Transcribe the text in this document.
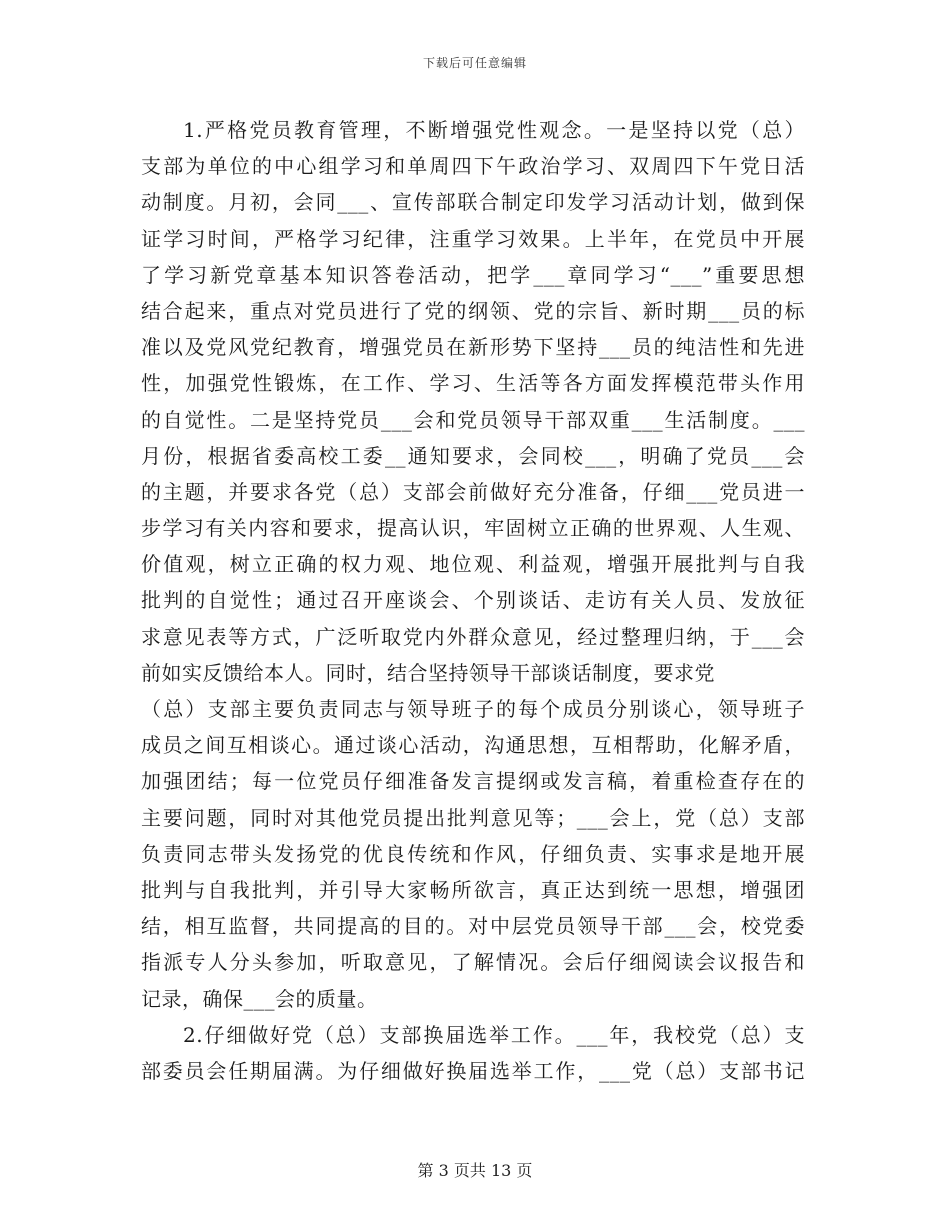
下载后可任意编辑
1.严格党员教育管理，不断增强党性观念。一是坚持以党（总）
支部为单位的中心组学习和单周四下午政治学习、双周四下午党日活
动制度。月初，会同___、宣传部联合制定印发学习活动计划，做到保
证学习时间，严格学习纪律，注重学习效果。上半年，在党员中开展
了学习新党章基本知识答卷活动，把学___章同学习“___”重要思想
结合起来，重点对党员进行了党的纲领、党的宗旨、新时期___员的标
准以及党风党纪教育，增强党员在新形势下坚持___员的纯洁性和先进
性，加强党性锻炼，在工作、学习、生活等各方面发挥模范带头作用
的自觉性。二是坚持党员___会和党员领导干部双重___生活制度。___
月份，根据省委高校工委__通知要求，会同校___，明确了党员___会
的主题，并要求各党（总）支部会前做好充分准备，仔细___党员进一
步学习有关内容和要求，提高认识，牢固树立正确的世界观、人生观、
价值观，树立正确的权力观、地位观、利益观，增强开展批判与自我
批判的自觉性；通过召开座谈会、个别谈话、走访有关人员、发放征
求意见表等方式，广泛听取党内外群众意见，经过整理归纳，于___会
前如实反馈给本人。同时，结合坚持领导干部谈话制度，要求党
（总）支部主要负责同志与领导班子的每个成员分别谈心，领导班子
成员之间互相谈心。通过谈心活动，沟通思想，互相帮助，化解矛盾，
加强团结；每一位党员仔细准备发言提纲或发言稿，着重检查存在的
主要问题，同时对其他党员提出批判意见等；___会上，党（总）支部
负责同志带头发扬党的优良传统和作风，仔细负责、实事求是地开展
批判与自我批判，并引导大家畅所欲言，真正达到统一思想，增强团
结，相互监督，共同提高的目的。对中层党员领导干部___会，校党委
指派专人分头参加，听取意见，了解情况。会后仔细阅读会议报告和
记录，确保___会的质量。
2.仔细做好党（总）支部换届选举工作。___年，我校党（总）支
部委员会任期届满。为仔细做好换届选举工作，___党（总）支部书记
第 3 页共 13 页
